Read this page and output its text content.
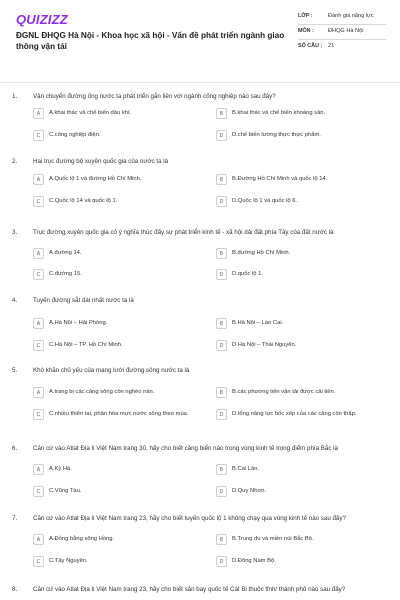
QUIZIZZ
ĐGNL ĐHQG Hà Nội - Khoa học xã hội - Vấn đề phát triển ngành giao thông vận tải
LỚP :	Đánh giá năng lực
MÔN :	ĐHQG Hà Nội
SỐ CÂU :	21
1.	Vận chuyển đường ống nước ta phát triển gắn liền với ngành công nghiệp nào sau đây?
A	A.khai thác và chế biến dầu khí.	B	B.khai thác và chế biến khoáng sản.
C	C.công nghiệp điện.	D	D.chế biến lương thực thực phẩm.
2.	Hai trục đường bộ xuyên quốc gia của nước ta là
A	A.Quốc lộ 1 và đường Hồ Chí Minh.	B	B.Đường Hồ Chí Minh và quốc lộ 14.
C	C.Quốc lộ 14 và quốc lộ 1.	D	D.Quốc lộ 1 và quốc lộ 6.
3.	Trục đường xuyên quốc gia có ý nghĩa thúc đẩy sự phát triển kinh tế - xã hội dải đất phía Tây của đất nước là
A	A.đường 14.	B	B.đường Hồ Chí Minh.
C	C.đường 15.	D	D.quốc lộ 1.
4.	Tuyến đường sắt dài nhất nước ta là
A	A.Hà Nội – Hải Phòng.	B	B.Hà Nội – Lào Cai.
C	C.Hà Nội – TP. Hồ Chí Minh.	D	D.Hà Nội – Thái Nguyên.
5.	Khó khăn chủ yếu của mạng lưới đường sông nước ta là
A	A.trang bị các cảng sông còn nghèo nàn.	B	B.các phương tiện vận tải được cải tiến.
C	C.nhiều thiên tai, phân hóa mực nước sông theo mùa.	D	D.tổng năng lực bốc xếp của các cảng còn thấp.
6.	Căn cứ vào Atlat Địa lí Việt Nam trang 30, hãy cho biết cảng biển nào trong vùng kinh tế trọng điểm phía Bắc là
A	A.Kỳ Hà.	B	B.Cái Lân.
C	C.Vũng Tàu.	D	D.Quy Nhơn.
7.	Căn cứ vào Atlat Địa lí Việt Nam trang 23, hãy cho biết tuyến quốc lộ 1 không chạy qua vùng kinh tế nào sau đây?
A	A.Đồng bằng sông Hồng.	B	B.Trung du và miền núi Bắc Bộ.
C	C.Tây Nguyên.	D	D.Đông Nam Bộ.
8.	Căn cứ vào Atlat Địa lí Việt Nam trang 23, hãy cho biết sân bay quốc tế Cát Bi thuộc tỉnh/ thành phố nào sau đây?
